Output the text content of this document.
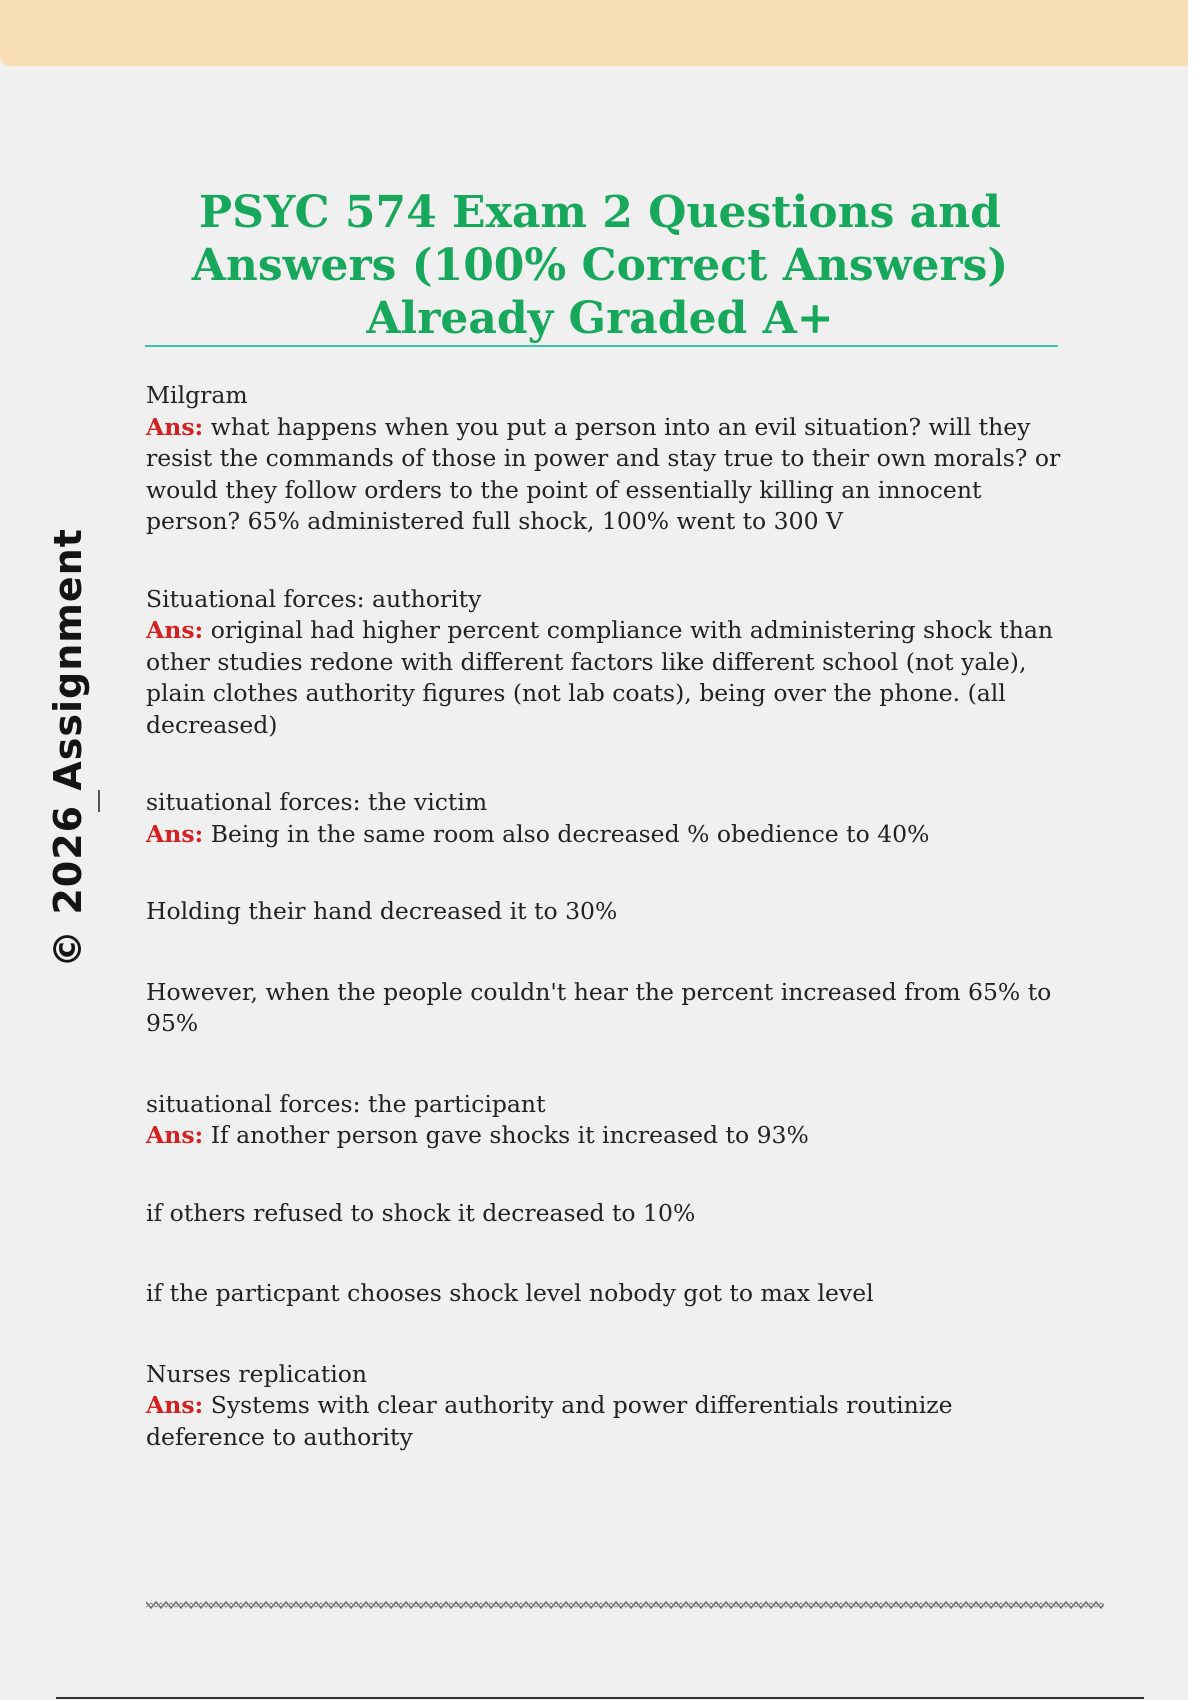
© 2026 Assignment
PSYC 574 Exam 2 Questions and Answers (100% Correct Answers) Already Graded A+
Milgram
Ans: what happens when you put a person into an evil situation? will they resist the commands of those in power and stay true to their own morals? or would they follow orders to the point of essentially killing an innocent person? 65% administered full shock, 100% went to 300 V
Situational forces: authority
Ans: original had higher percent compliance with administering shock than other studies redone with different factors like different school (not yale), plain clothes authority figures (not lab coats), being over the phone. (all decreased)
situational forces: the victim
Ans: Being in the same room also decreased % obedience to 40%

Holding their hand decreased it to 30%

However, when the people couldn't hear the percent increased from 65% to 95%

situational forces: the participant
Ans: If another person gave shocks it increased to 93%

if others refused to shock it decreased to 10%

if the particpant chooses shock level nobody got to max level

Nurses replication
Ans: Systems with clear authority and power differentials routinize deference to authority
